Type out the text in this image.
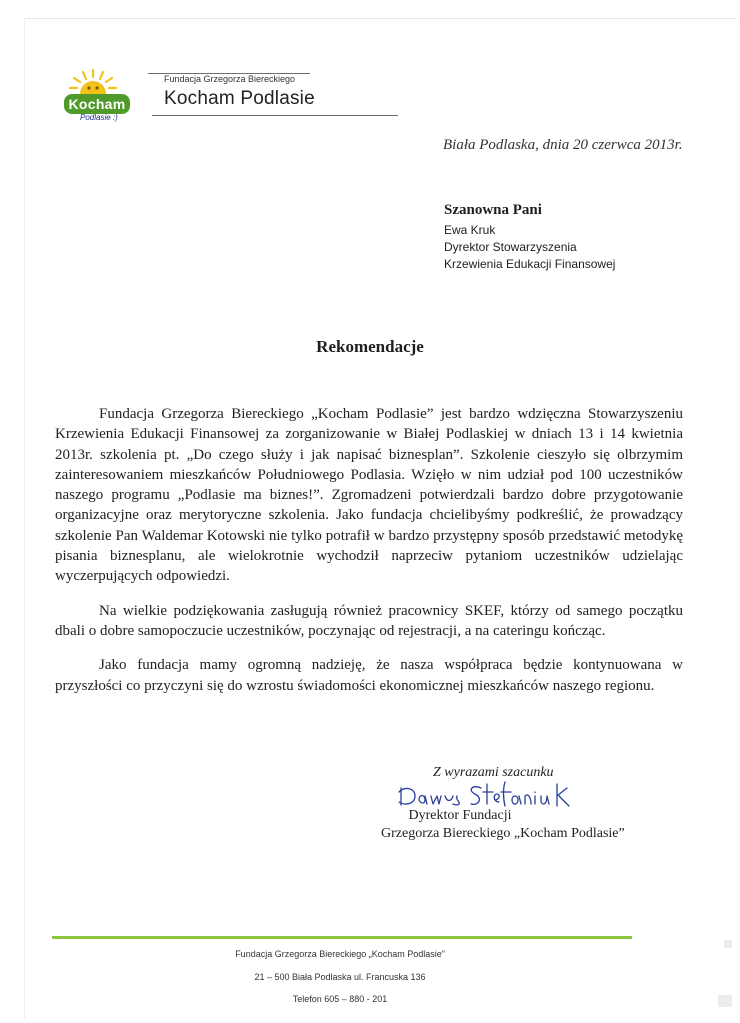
Kocham
Podlasie :)
Fundacja Grzegorza Biereckiego
Kocham Podlasie
Biała Podlaska, dnia 20 czerwca 2013r.
Szanowna Pani
Ewa Kruk
Dyrektor Stowarzyszenia
Krzewienia Edukacji Finansowej
Rekomendacje

Fundacja Grzegorza Biereckiego „Kocham Podlasie” jest bardzo wdzięczna Stowarzyszeniu Krzewienia Edukacji Finansowej za zorganizowanie w Białej Podlaskiej w dniach 13 i 14 kwietnia 2013r. szkolenia pt. „Do czego służy i jak napisać biznesplan”. Szkolenie cieszyło się olbrzymim zainteresowaniem mieszkańców Południowego Podlasia. Wzięło w nim udział pod 100 uczestników naszego programu „Podlasie ma biznes!”. Zgromadzeni potwierdzali bardzo dobre przygotowanie organizacyjne oraz merytoryczne szkolenia. Jako fundacja chcielibyśmy podkreślić, że prowadzący szkolenie Pan Waldemar Kotowski nie tylko potrafił w bardzo przystępny sposób przedstawić metodykę pisania biznesplanu, ale wielokrotnie wychodził naprzeciw pytaniom uczestników udzielając wyczerpujących odpowiedzi.

Na wielkie podziękowania zasługują również pracownicy SKEF, którzy od samego początku dbali o dobre samopoczucie uczestników, poczynając od rejestracji, a na cateringu kończąc.

Jako fundacja mamy ogromną nadzieję, że nasza współpraca będzie kontynuowana w przyszłości co przyczyni się do wzrostu świadomości ekonomicznej mieszkańców naszego regionu.

Z wyrazami szacunku
Dyrektor Fundacji
Grzegorza Biereckiego „Kocham Podlasie”
Fundacja Grzegorza Biereckiego „Kocham Podlasie”
21 – 500 Biała Podlaska ul. Francuska 136
Telefon 605 – 880 - 201
